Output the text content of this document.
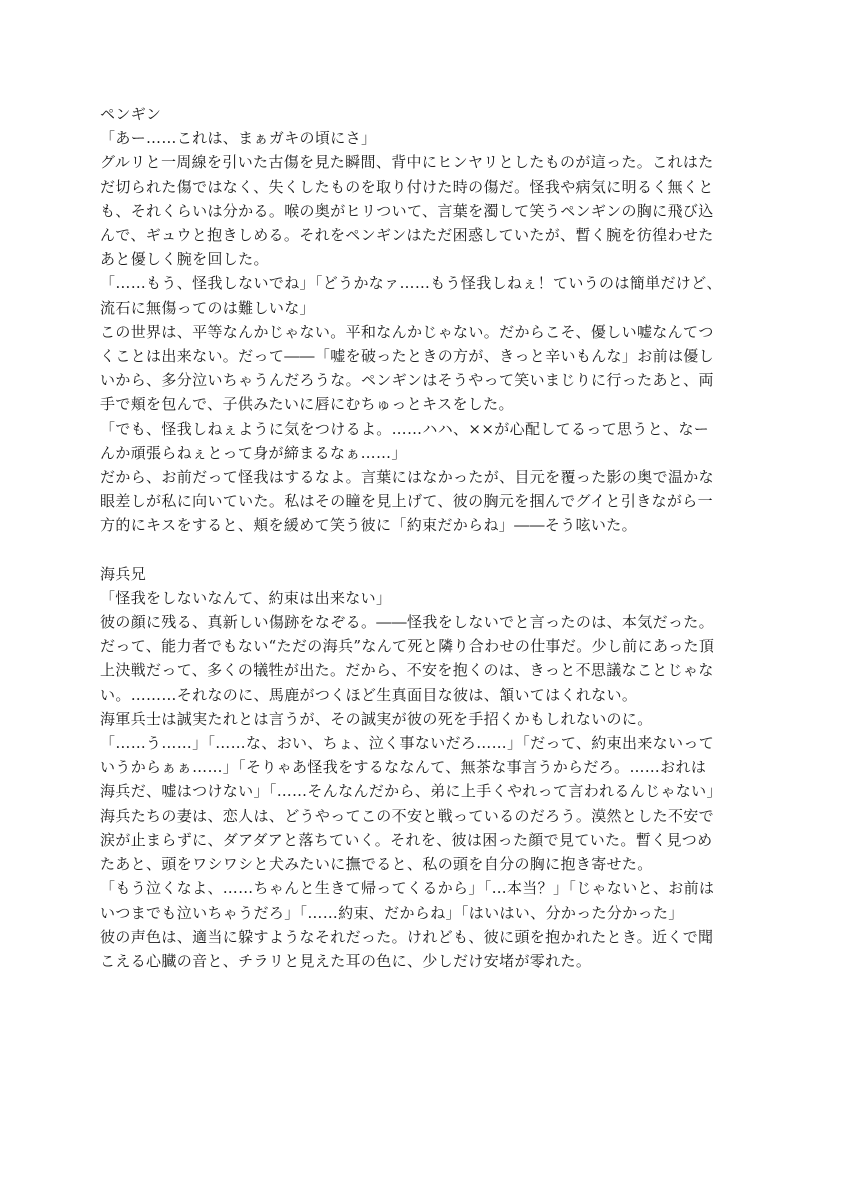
ペンギン

「あー……これは、まぁガキの頃にさ」

グルリと一周線を引いた古傷を見た瞬間、背中にヒンヤリとしたものが這った。これはた
だ切られた傷ではなく、失くしたものを取り付けた時の傷だ。怪我や病気に明るく無くと
も、それくらいは分かる。喉の奥がヒリついて、言葉を濁して笑うペンギンの胸に飛び込
んで、ギュウと抱きしめる。それをペンギンはただ困惑していたが、暫く腕を彷徨わせた
あと優しく腕を回した。

「……もう、怪我しないでね」「どうかなァ……もう怪我しねぇ！ていうのは簡単だけど、
流石に無傷ってのは難しいな」

この世界は、平等なんかじゃない。平和なんかじゃない。だからこそ、優しい嘘なんてつ
くことは出来ない。だって――「嘘を破ったときの方が、きっと辛いもんな」お前は優し
いから、多分泣いちゃうんだろうな。ペンギンはそうやって笑いまじりに行ったあと、両
手で頬を包んで、子供みたいに唇にむちゅっとキスをした。

「でも、怪我しねぇように気をつけるよ。……ハハ、××が心配してるって思うと、なー
んか頑張らねぇとって身が締まるなぁ……」

だから、お前だって怪我はするなよ。言葉にはなかったが、目元を覆った影の奥で温かな
眼差しが私に向いていた。私はその瞳を見上げて、彼の胸元を掴んでグイと引きながら一
方的にキスをすると、頬を緩めて笑う彼に「約束だからね」――そう呟いた。

海兵兄

「怪我をしないなんて、約束は出来ない」

彼の顔に残る、真新しい傷跡をなぞる。――怪我をしないでと言ったのは、本気だった。
だって、能力者でもない“ただの海兵”なんて死と隣り合わせの仕事だ。少し前にあった頂
上決戦だって、多くの犠牲が出た。だから、不安を抱くのは、きっと不思議なことじゃな
い。………それなのに、馬鹿がつくほど生真面目な彼は、頷いてはくれない。

海軍兵士は誠実たれとは言うが、その誠実が彼の死を手招くかもしれないのに。

「……う……」「……な、おい、ちょ、泣く事ないだろ……」「だって、約束出来ないって
いうからぁぁ……」「そりゃあ怪我をするななんて、無茶な事言うからだろ。……おれは
海兵だ、嘘はつけない」「……そんなんだから、弟に上手くやれって言われるんじゃない」

海兵たちの妻は、恋人は、どうやってこの不安と戦っているのだろう。漠然とした不安で
涙が止まらずに、ダアダアと落ちていく。それを、彼は困った顔で見ていた。暫く見つめ
たあと、頭をワシワシと犬みたいに撫でると、私の頭を自分の胸に抱き寄せた。

「もう泣くなよ、……ちゃんと生きて帰ってくるから」「…本当？」「じゃないと、お前は
いつまでも泣いちゃうだろ」「……約束、だからね」「はいはい、分かった分かった」

彼の声色は、適当に躱すようなそれだった。けれども、彼に頭を抱かれたとき。近くで聞
こえる心臓の音と、チラリと見えた耳の色に、少しだけ安堵が零れた。
